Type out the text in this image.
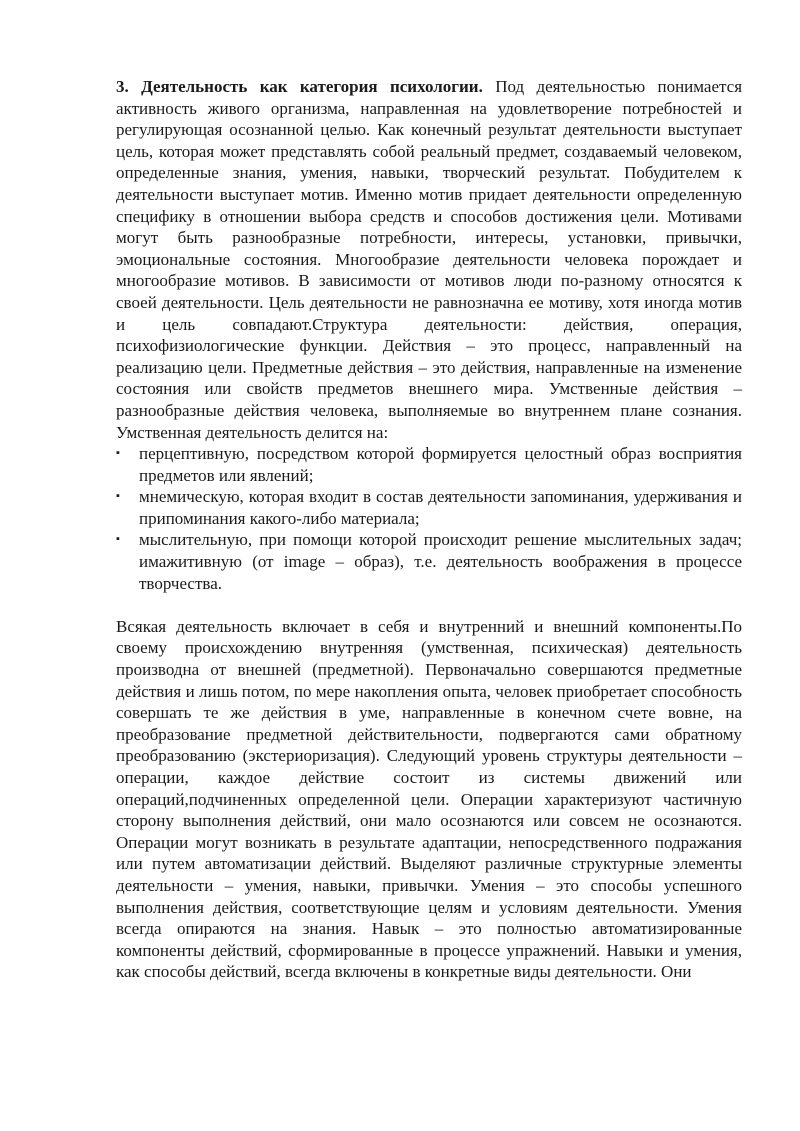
3. Деятельность как категория психологии. Под деятельностью понимается активность живого организма, направленная на удовлетворение потребностей и регулирующая осознанной целью. Как конечный результат деятельности выступает цель, которая может представлять собой реальный предмет, создаваемый человеком, определенные знания, умения, навыки, творческий результат. Побудителем к деятельности выступает мотив. Именно мотив придает деятельности определенную специфику в отношении выбора средств и способов достижения цели. Мотивами могут быть разнообразные потребности, интересы, установки, привычки, эмоциональные состояния. Многообразие деятельности человека порождает и многообразие мотивов. В зависимости от мотивов люди по-разному относятся к своей деятельности. Цель деятельности не равнозначна ее мотиву, хотя иногда мотив и цель совпадают.Структура деятельности: действия, операция, психофизиологические функции. Действия – это процесс, направленный на реализацию цели. Предметные действия – это действия, направленные на изменение состояния или свойств предметов внешнего мира. Умственные действия – разнообразные действия человека, выполняемые во внутреннем плане сознания. Умственная деятельность делится на:

▪	перцептивную, посредством которой формируется целостный образ восприятия предметов или явлений;
▪	мнемическую, которая входит в состав деятельности запоминания, удерживания и припоминания какого-либо материала;
▪	мыслительную, при помощи которой происходит решение мыслительных задач; имажитивную (от image – образ), т.е. деятельность воображения в процессе творчества.

Всякая деятельность включает в себя и внутренний и внешний компоненты.По своему происхождению внутренняя (умственная, психическая) деятельность производна от внешней (предметной). Первоначально совершаются предметные действия и лишь потом, по мере накопления опыта, человек приобретает способность совершать те же действия в уме, направленные в конечном счете вовне, на преобразование предметной действительности, подвергаются сами обратному преобразованию (экстериоризация). Следующий уровень структуры деятельности – операции, каждое действие состоит из системы движений или операций,подчиненных определенной цели. Операции характеризуют частичную сторону выполнения действий, они мало осознаются или совсем не осознаются. Операции могут возникать в результате адаптации, непосредственного подражания или путем автоматизации действий. Выделяют различные структурные элементы деятельности – умения, навыки, привычки. Умения – это способы успешного выполнения действия, соответствующие целям и условиям деятельности. Умения всегда опираются на знания. Навык – это полностью автоматизированные компоненты действий, сформированные в процессе упражнений. Навыки и умения, как способы действий, всегда включены в конкретные виды деятельности. Они
